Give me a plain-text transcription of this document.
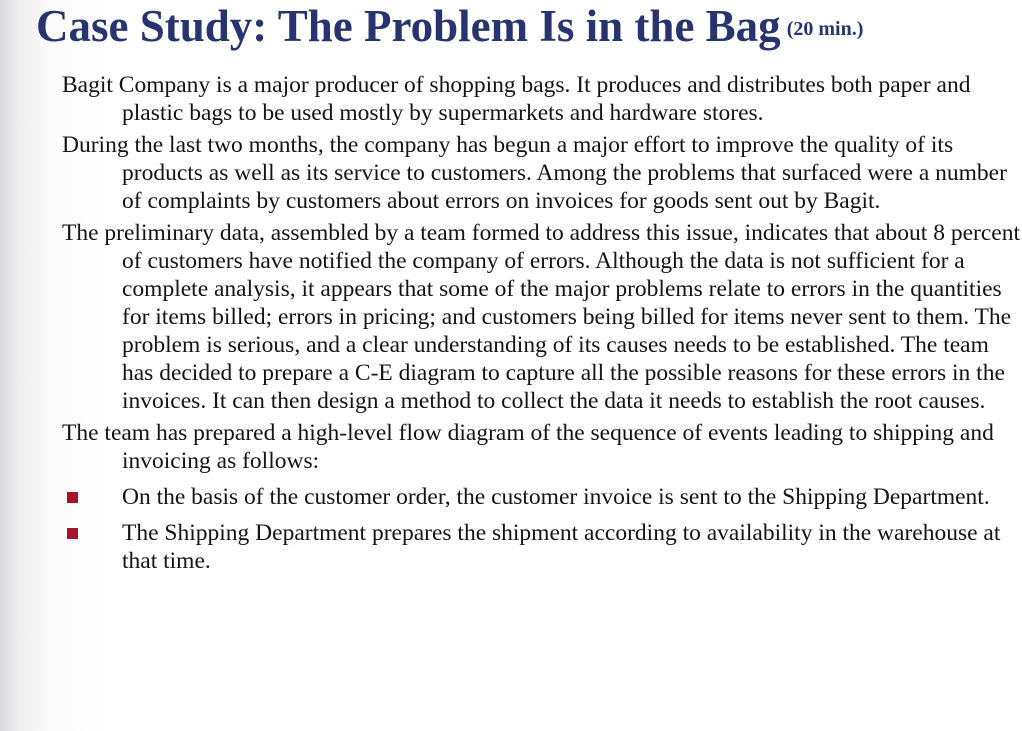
Case Study: The Problem Is in the Bag (20 min.)

Bagit Company is a major producer of shopping bags. It produces and distributes both paper and plastic bags to be used mostly by supermarkets and hardware stores.

During the last two months, the company has begun a major effort to improve the quality of its products as well as its service to customers. Among the problems that surfaced were a number of complaints by customers about errors on invoices for goods sent out by Bagit.

The preliminary data, assembled by a team formed to address this issue, indicates that about 8 percent of customers have notified the company of errors. Although the data is not sufficient for a complete analysis, it appears that some of the major problems relate to errors in the quantities for items billed; errors in pricing; and customers being billed for items never sent to them. The problem is serious, and a clear understanding of its causes needs to be established. The team has decided to prepare a C-E diagram to capture all the possible reasons for these errors in the invoices. It can then design a method to collect the data it needs to establish the root causes.

The team has prepared a high-level flow diagram of the sequence of events leading to shipping and invoicing as follows:

On the basis of the customer order, the customer invoice is sent to the Shipping Department.
The Shipping Department prepares the shipment according to availability in the warehouse at that time.
